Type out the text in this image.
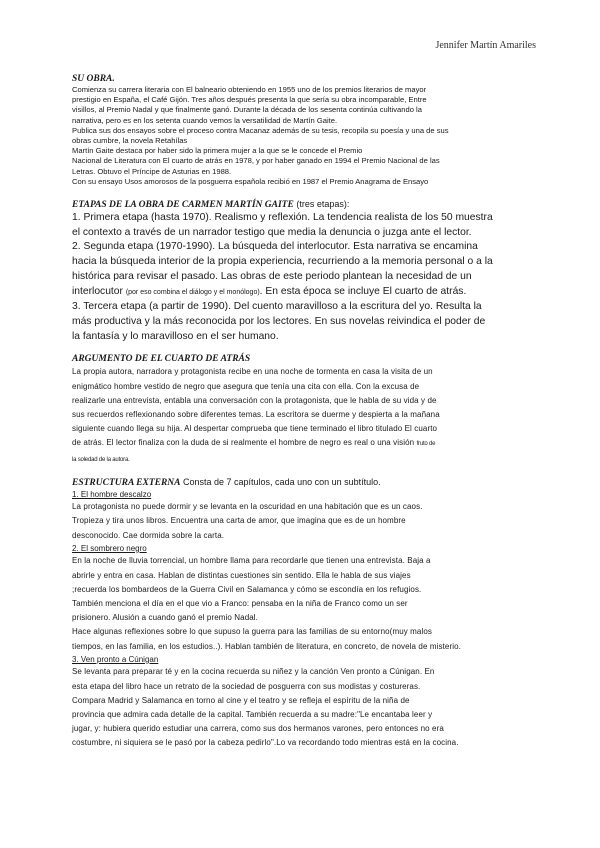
Jennifer Martín Amariles

SU OBRA.

Comienza su carrera literaria con El balneario obteniendo en 1955 uno de los premios literarios de mayor

prestigio en España, el Café Gijón. Tres años después presenta la que sería su obra incomparable, Entre

visillos, al Premio Nadal y que finalmente ganó. Durante la década de los sesenta continúa cultivando la

narrativa, pero es en los setenta cuando vemos la versatilidad de Martín Gaite.

Publica sus dos ensayos sobre el proceso contra Macanaz además de su tesis, recopila su poesía y una de sus

obras cumbre, la novela Retahílas

Martín Gaite destaca por haber sido la primera mujer a la que se le concede el Premio

Nacional de Literatura con El cuarto de atrás en 1978, y por haber ganado en 1994 el Premio Nacional de las

Letras. Obtuvo el Príncipe de Asturias en 1988.

Con su ensayo Usos amorosos de la posguerra española recibió en 1987 el Premio Anagrama de Ensayo

ETAPAS DE LA OBRA DE CARMEN MARTÍN GAITE (tres etapas):

1. Primera etapa (hasta 1970). Realismo y reflexión. La tendencia realista de los 50 muestra

el contexto a través de un narrador testigo que media la denuncia o juzga ante el lector.

2. Segunda etapa (1970-1990). La búsqueda del interlocutor. Esta narrativa se encamina

hacia la búsqueda interior de la propia experiencia, recurriendo a la memoria personal o a la

histórica para revisar el pasado. Las obras de este periodo plantean la necesidad de un

interlocutor (por eso combina el diálogo y el monólogo). En esta época se incluye El cuarto de atrás.

3. Tercera etapa (a partir de 1990). Del cuento maravilloso a la escritura del yo. Resulta la

más productiva y la más reconocida por los lectores. En sus novelas reivindica el poder de

la fantasía y lo maravilloso en el ser humano.

ARGUMENTO DE EL CUARTO DE ATRÁS

La propia autora, narradora y protagonista recibe en una noche de tormenta en casa la visita de un

enigmático hombre vestido de negro que asegura que tenía una cita con ella. Con la excusa de

realizarle una entrevista, entabla una conversación con la protagonista, que le habla de su vida y de

sus recuerdos reflexionando sobre diferentes temas. La escritora se duerme y despierta a la mañana

siguiente cuando llega su hija. Al despertar comprueba que tiene terminado el libro titulado El cuarto

de atrás. El lector finaliza con la duda de si realmente el hombre de negro es real o una visión fruto de

la soledad de la autora.

ESTRUCTURA EXTERNA Consta de 7 capítulos, cada uno con un subtítulo.

1. El hombre descalzo

La protagonista no puede dormir y se levanta en la oscuridad en una habitación que es un caos.

Tropieza y tira unos libros. Encuentra una carta de amor, que imagina que es de un hombre

desconocido. Cae dormida sobre la carta.

2. El sombrero negro

En la noche de lluvia torrencial, un hombre llama para recordarle que tienen una entrevista. Baja a

abrirle y entra en casa. Hablan de distintas cuestiones sin sentido. Ella le habla de sus viajes

;recuerda los bombardeos de la Guerra Civil en Salamanca y cómo se escondía en los refugios.

También menciona el día en el que vio a Franco: pensaba en la niña de Franco como un ser

prisionero. Alusión a cuando ganó el premio Nadal.

Hace algunas reflexiones sobre lo que supuso la guerra para las familias de su entorno(muy malos

tiempos, en las familia, en los estudios..). Hablan también de literatura, en concreto, de novela de misterio.

3. Ven pronto a Cúnigan

Se levanta para preparar té y en la cocina recuerda su niñez y la canción Ven pronto a Cúnigan. En

esta etapa del libro hace un retrato de la sociedad de posguerra con sus modistas y costureras.

Compara Madrid y Salamanca en torno al cine y el teatro y se refleja el espíritu de la niña de

provincia que admira cada detalle de la capital. También recuerda a su madre:"Le encantaba leer y

jugar, y: hubiera querido estudiar una carrera, como sus dos hermanos varones, pero entonces no era

costumbre, ni siquiera se le pasó por la cabeza pedirlo".Lo va recordando todo mientras está en la cocina.
